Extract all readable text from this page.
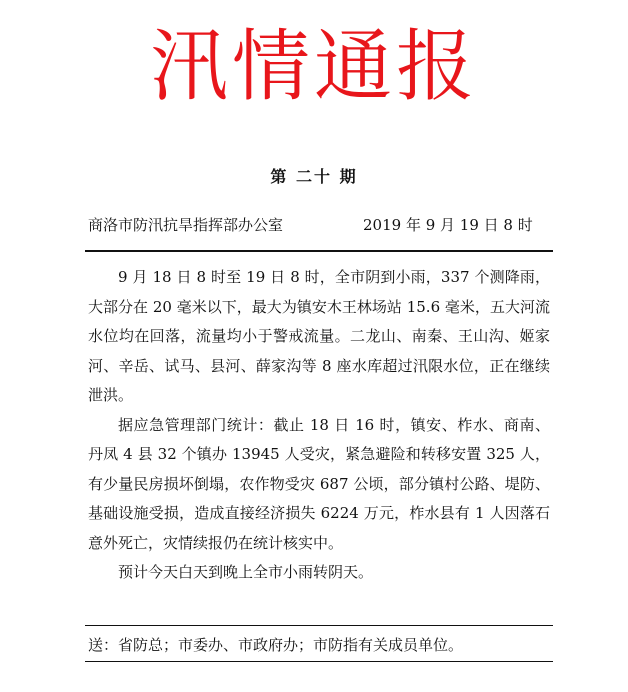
汛情通报
第 二十 期
商洛市防汛抗旱指挥部办公室	2019 年 9 月 19 日 8 时

9 月 18 日 8 时至 19 日 8 时，全市阴到小雨，337 个测降雨，大部分在 20 毫米以下，最大为镇安木王林场站 15.6 毫米，五大河流水位均在回落，流量均小于警戒流量。二龙山、南秦、王山沟、姬家河、辛岳、试马、县河、薛家沟等 8 座水库超过汛限水位，正在继续泄洪。

据应急管理部门统计：截止 18 日 16 时，镇安、柞水、商南、丹凤 4 县 32 个镇办 13945 人受灾，紧急避险和转移安置 325 人，有少量民房损坏倒塌，农作物受灾 687 公顷，部分镇村公路、堤防、基础设施受损，造成直接经济损失 6224 万元，柞水县有 1 人因落石意外死亡，灾情续报仍在统计核实中。

预计今天白天到晚上全市小雨转阴天。

送：省防总；市委办、市政府办；市防指有关成员单位。
